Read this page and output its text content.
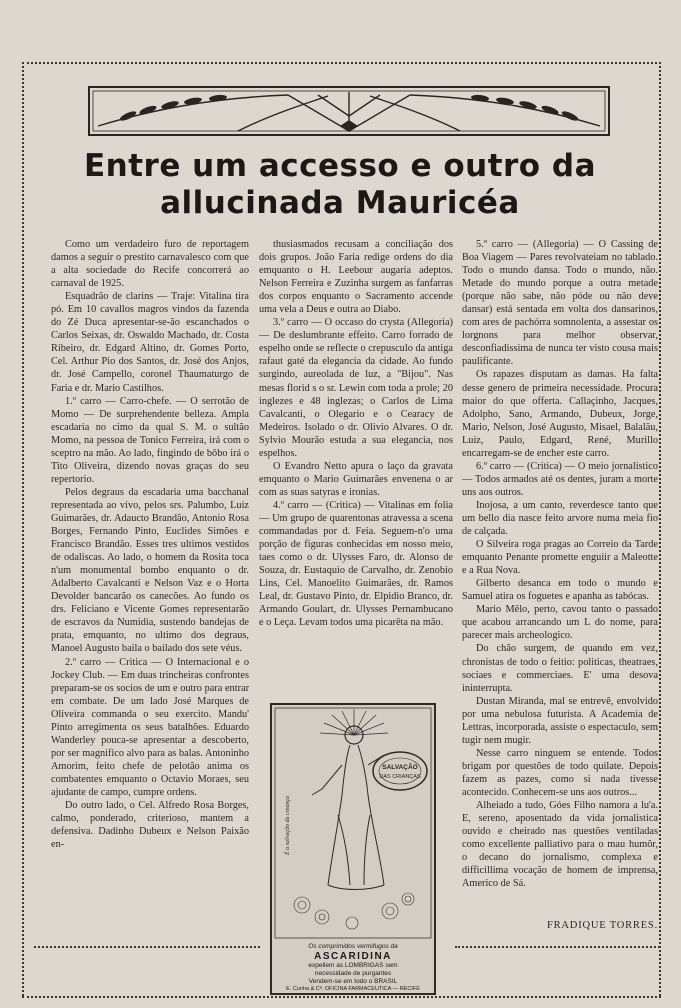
Entre um accesso e outro da
allucinada Mauricéa

Como um verdadeiro furo de reportagem damos a seguir o prestito carnavalesco com que a alta sociedade do Recife concorrerá ao carnaval de 1925.

Esquadrão de clarins — Traje: Vitalina tira pó. Em 10 cavallos magros vindos da fazenda do Zé Duca apresentar-se-ão escanchados o Carlos Seixas, dr. Oswaldo Machado, dr. Costa Ribeiro, dr. Edgard Altino, dr. Gomes Porto, Cel. Arthur Pio dos Santos, dr. José dos Anjos, dr. José Campello, coronel Thaumaturgo de Faria e dr. Mario Castilhos.

1.º carro — Carro-chefe. — O serrotão de Momo — De surprehendente belleza. Ampla escadaria no cimo da qual S. M. o sultão Momo, na pessoa de Tonico Ferreira, irá com o sceptro na mão. Ao lado, fingindo de bôbo irá o Tito Oliveira, dizendo novas graças do seu repertorio.

Pelos degraus da escadaria uma bacchanal representada ao vivo, pelos srs. Palumbo, Luiz Guimarães, dr. Adaucto Brandão, Antonio Rosa Borges, Fernando Pinto, Euclides Simões e Francisco Brandão. Esses tres ultimos vestidos de odaliscas. Ao lado, o homem da Rosita toca n'um monumental bombo enquanto o dr. Adalberto Cavalcanti e Nelson Vaz e o Horta Devolder bancarão os canecões. Ao fundo os drs. Feliciano e Vicente Gomes representarão de escravos da Numidia, sustendo bandejas de prata, emquanto, no ultimo dos degraus, Manoel Augusto baila o bailado dos sete véus.

2.º carro — Critica — O Internacional e o Jockey Club. — Em duas trincheiras confrontes preparam-se os socios de um e outro para entrar em combate. De um lado José Marques de Oliveira commanda o seu exercito. Mandu' Pinto arregimenta os seus batalhões. Eduardo Wanderley pouca-se apresentar a descoberto, por ser magnifico alvo para as balas. Antoninho Amorim, feito chefe de pelotão anima os combatentes emquanto o Octavio Moraes, seu ajudante de campo, cumpre ordens.

Do outro lado, o Cel. Alfredo Rosa Borges, calmo, ponderado, criterioso, mantem a defensiva. Dadinho Dubeux e Nelson Paixão en-

thusiasmados recusam a conciliação dos dois grupos. João Faria redige ordens do dia emquanto o H. Leebour augaria adeptos. Nelson Ferreira e Zuzinha surgem as fanfarras dos corpos enquanto o Sacramento accende uma vela a Deus e outra ao Diabo.

3.º carro — O occaso do crysta (Allegoria) — De deslumbrante effeito. Carro forrado de espelho onde se reflecte o crepusculo da antiga rafaut gaté da elegancia da cidade. Ao fundo surgindo, aureolada de luz, a "Bijou". Nas mesas florid s o sr. Lewin com toda a prole; 20 inglezes e 48 inglezas; o Carlos de Lima Cavalcanti, o Olegario e o Cearacy de Medeiros. Isolado o dr. Olivio Alvares. O dr. Sylvio Mourão estuda a sua elegancia, nos espelhos.

O Evandro Netto apura o laço da gravata emquanto o Mario Guimarães envenena o ar com as suas satyras e ironias.

4.º carro — (Critica) — Vitalinas em folia — Um grupo de quarentonas atravessa a scena commandadas por d. Feia. Seguem-n'o uma porção de figuras conhecidas em nosso meio, taes como o dr. Ulysses Faro, dr. Alonso de Souza, dr. Eustaquio de Carvalho, dr. Zenobio Lins, Cel. Manoelito Guimarães, dr. Ramos Leal, dr. Gustavo Pinto, dr. Elpidio Branco, dr. Armando Goulart, dr. Ulysses Pernambucano e o Leça. Levam todos uma picarêta na mão.

5.º carro — (Allegoria) — O Cassing de Boa Viagem — Pares revolvateiam no tablado. Todo o mundo dansa. Todo o mundo, não. Metade do mundo porque a outra metade (porque não sabe, não póde ou não deve dansar) está sentada em volta dos dansarinos, com ares de pachórra somnolenta, a assestar os lorgnons para melhor observar, desconfiadissima de nunca ter visto cousa mais paulificante.

Os rapazes disputam as damas. Ha falta desse genero de primeira necessidade. Procura maior do que offerta. Callaçinho, Jacques, Adolpho, Sano, Armando, Dubeux, Jorge, Mario, Nelson, José Augusto, Misael, Balaläu, Luiz, Paulo, Edgard, René, Murillo encarregam-se de encher este carro.

6.º carro — (Critica) — O meio jornalistico — Todos armados até os dentes, juram a morte uns aos outros.

Inojosa, a um canto, reverdesce tanto que um bello dia nasce feito arvore numa meia fio de calçada.

O Silveira roga pragas ao Correio da Tarde emquanto Penante promette enguiir a Maleotte e a Rua Nova.

Gilberto desanca em todo o mundo e Samuel atira os foguetes e apanha as tabócas.

Mario Mêlo, perto, cavou tanto o passado que acabou arrancando um L do nome, para parecer mais archeologico.

Do chão surgem, de quando em vez, chronistas de todo o feitio: politicas, theatraes, sociaes e commerciaes. E' uma desova ininterrupta.

Dustan Miranda, mal se entrevê, envolvido por uma nebulosa futurista. A Academia de Lettras, incorporada, assiste o espectaculo, sem tugir nem mugir.

Nesse carro ninguem se entende. Todos brigam por questões de todo quilate. Depois fazem as pazes, como si nada tivesse acontecido. Conhecem-se uns aos outros...

Alheiado a tudo, Góes Filho namora a lu'a. E, sereno, aposentado da vida jornalistica ouvido e cheirado nas questões ventiladas como excellente palliativo para o mau humôr, o decano do jornalismo, complexa e difficillima vocação de homem de imprensa, Americo de Sá.

FRADIQUE TORRES.
SALVAÇÃO
DAS CRIANÇAS
É a salvação da creança
Os comprimidos vermifugos da
ASCARIDINA
expellem as LOMBRIGAS sem
necessidade de purgantes
Vendem-se em todo o BRASIL
E. Cunha & Cª. OFICINA FARMACEUTICA — RECIFE
